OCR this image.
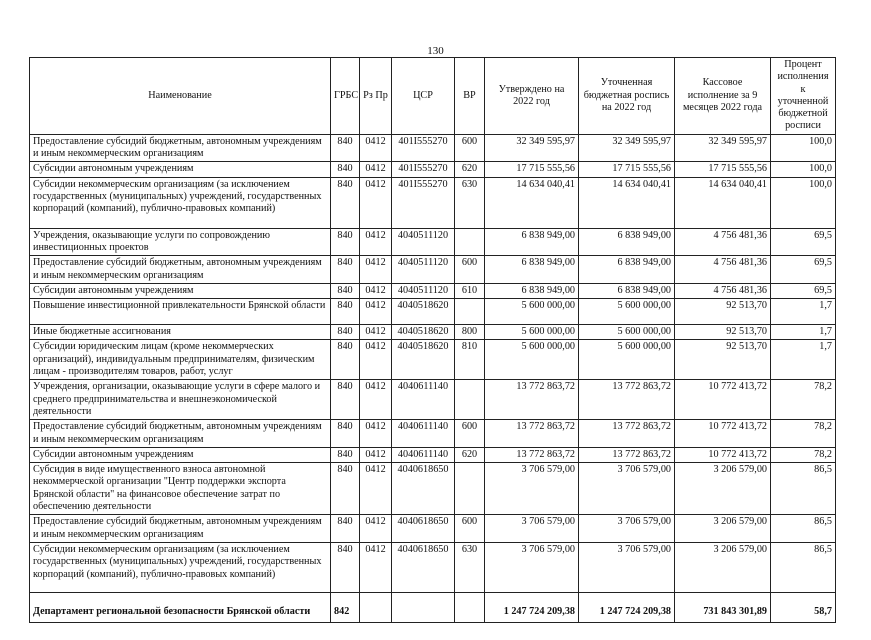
130
Наименование	ГРБС	Рз Пр	ЦСР	ВР	Утверждено на 2022 год	Уточненная бюджетная роспись на 2022 год	Кассовое исполнение за 9 месяцев 2022 года	Процент исполнения к уточненной бюджетной росписи
Предоставление субсидий бюджетным, автономным учреждениям и иным некоммерческим организациям	840	0412	401I555270	600	32 349 595,97	32 349 595,97	32 349 595,97	100,0
Субсидии автономным учреждениям	840	0412	401I555270	620	17 715 555,56	17 715 555,56	17 715 555,56	100,0
Субсидии некоммерческим организациям (за исключением государственных (муниципальных) учреждений, государственных корпораций (компаний), публично-правовых компаний)	840	0412	401I555270	630	14 634 040,41	14 634 040,41	14 634 040,41	100,0
Учреждения, оказывающие услуги по сопровождению инвестиционных проектов	840	0412	4040511120		6 838 949,00	6 838 949,00	4 756 481,36	69,5
Предоставление субсидий бюджетным, автономным учреждениям и иным некоммерческим организациям	840	0412	4040511120	600	6 838 949,00	6 838 949,00	4 756 481,36	69,5
Субсидии автономным учреждениям	840	0412	4040511120	610	6 838 949,00	6 838 949,00	4 756 481,36	69,5
Повышение инвестиционной привлекательности Брянской области	840	0412	4040518620		5 600 000,00	5 600 000,00	92 513,70	1,7
Иные бюджетные ассигнования	840	0412	4040518620	800	5 600 000,00	5 600 000,00	92 513,70	1,7
Субсидии юридическим лицам (кроме некоммерческих организаций), индивидуальным предпринимателям, физическим лицам - производителям товаров, работ, услуг	840	0412	4040518620	810	5 600 000,00	5 600 000,00	92 513,70	1,7
Учреждения, организации, оказывающие услуги в сфере малого и среднего предпринимательства и внешнеэкономической деятельности	840	0412	4040611140		13 772 863,72	13 772 863,72	10 772 413,72	78,2
Предоставление субсидий бюджетным, автономным учреждениям и иным некоммерческим организациям	840	0412	4040611140	600	13 772 863,72	13 772 863,72	10 772 413,72	78,2
Субсидии автономным учреждениям	840	0412	4040611140	620	13 772 863,72	13 772 863,72	10 772 413,72	78,2
Субсидия в виде имущественного взноса автономной некоммерческой организации "Центр поддержки экспорта Брянской области" на финансовое обеспечение затрат по обеспечению деятельности	840	0412	4040618650		3 706 579,00	3 706 579,00	3 206 579,00	86,5
Предоставление субсидий бюджетным, автономным учреждениям и иным некоммерческим организациям	840	0412	4040618650	600	3 706 579,00	3 706 579,00	3 206 579,00	86,5
Субсидии некоммерческим организациям (за исключением государственных (муниципальных) учреждений, государственных корпораций (компаний), публично-правовых компаний)	840	0412	4040618650	630	3 706 579,00	3 706 579,00	3 206 579,00	86,5
Департамент региональной безопасности Брянской области	842				1 247 724 209,38	1 247 724 209,38	731 843 301,89	58,7
